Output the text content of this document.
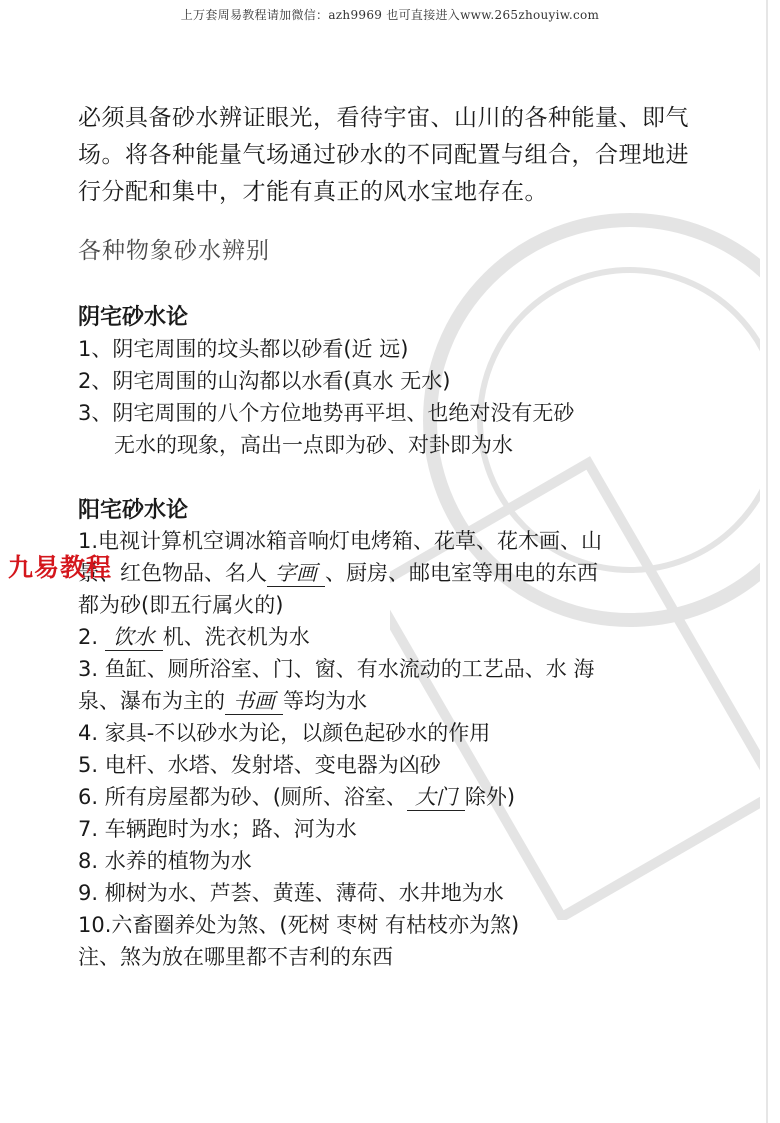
上万套周易教程请加微信：azh9969 也可直接进入www.265zhouyiw.com
必须具备砂水辨证眼光，看待宇宙、山川的各种能量、即气
场。将各种能量气场通过砂水的不同配置与组合，合理地进
行分配和集中，才能有真正的风水宝地存在。
各种物象砂水辨别
阴宅砂水论
1、阴宅周围的坟头都以砂看(近 远)
2、阴宅周围的山沟都以水看(真水 无水)
3、阴宅周围的八个方位地势再平坦、也绝对没有无砂
无水的现象，高出一点即为砂、对卦即为水
阳宅砂水论
1.电视计算机空调冰箱音响灯电烤箱、花草、花木画、山
景、红色物品、名人 字画 、厨房、邮电室等用电的东西
都为砂(即五行属火的)
2. 饮水 机、洗衣机为水
3. 鱼缸、厕所浴室、门、窗、有水流动的工艺品、水 海
泉、瀑布为主的 书画 等均为水
4. 家具-不以砂水为论，以颜色起砂水的作用
5. 电杆、水塔、发射塔、变电器为凶砂
6. 所有房屋都为砂、(厕所、浴室、 大门 除外)
7. 车辆跑时为水；路、河为水
8. 水养的植物为水
9. 柳树为水、芦荟、黄莲、薄荷、水井地为水
10.六畜圈养处为煞、(死树 枣树 有枯枝亦为煞)
注、煞为放在哪里都不吉利的东西
九易教程
